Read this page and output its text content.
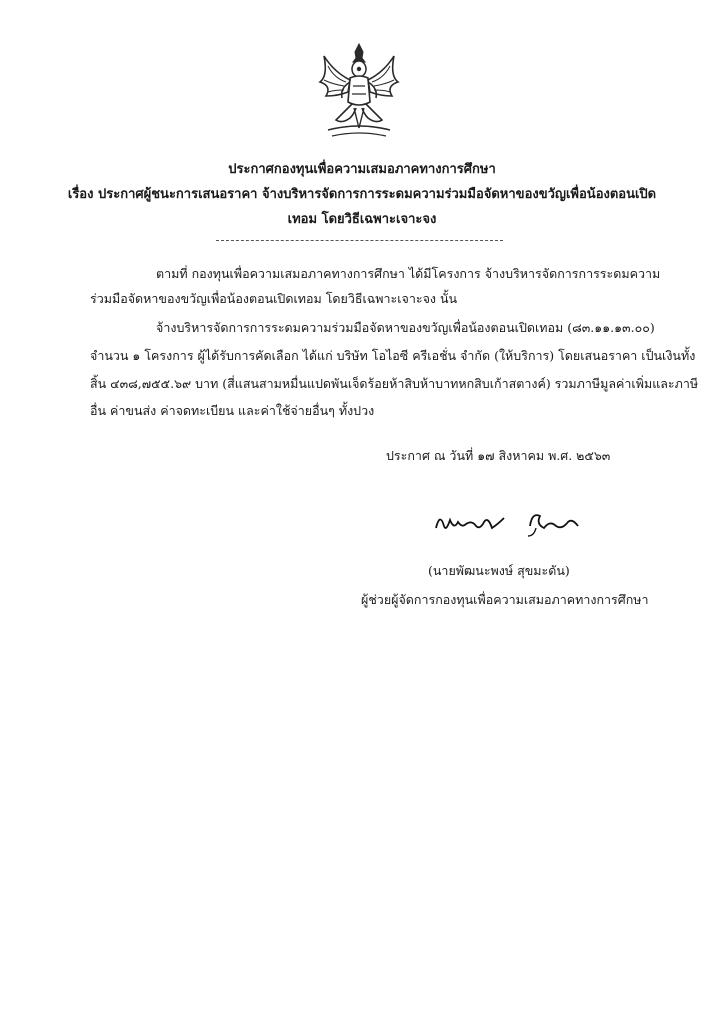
ประกาศกองทุนเพื่อความเสมอภาคทางการศึกษา
เรื่อง ประกาศผู้ชนะการเสนอราคา จ้างบริหารจัดการการระดมความร่วมมือจัดหาของขวัญเพื่อน้องตอนเปิด
เทอม โดยวิธีเฉพาะเจาะจง
ตามที่ กองทุนเพื่อความเสมอภาคทางการศึกษา ได้มีโครงการ จ้างบริหารจัดการการระดมความ
ร่วมมือจัดหาของขวัญเพื่อน้องตอนเปิดเทอม โดยวิธีเฉพาะเจาะจง นั้น
จ้างบริหารจัดการการระดมความร่วมมือจัดหาของขวัญเพื่อน้องตอนเปิดเทอม (๘๓.๑๑.๑๓.๐๐)
จำนวน ๑ โครงการ ผู้ได้รับการคัดเลือก ได้แก่ บริษัท โอไอซี ครีเอชั่น จำกัด (ให้บริการ) โดยเสนอราคา เป็นเงินทั้ง
สิ้น ๔๓๘,๗๕๕.๖๙ บาท (สี่แสนสามหมื่นแปดพันเจ็ดร้อยห้าสิบห้าบาทหกสิบเก้าสตางค์) รวมภาษีมูลค่าเพิ่มและภาษี
อื่น ค่าขนส่ง ค่าจดทะเบียน และค่าใช้จ่ายอื่นๆ ทั้งปวง
ประกาศ ณ วันที่ ๑๗ สิงหาคม พ.ศ. ๒๕๖๓
(นายพัฒนะพงษ์ สุขมะดัน)
ผู้ช่วยผู้จัดการกองทุนเพื่อความเสมอภาคทางการศึกษา
